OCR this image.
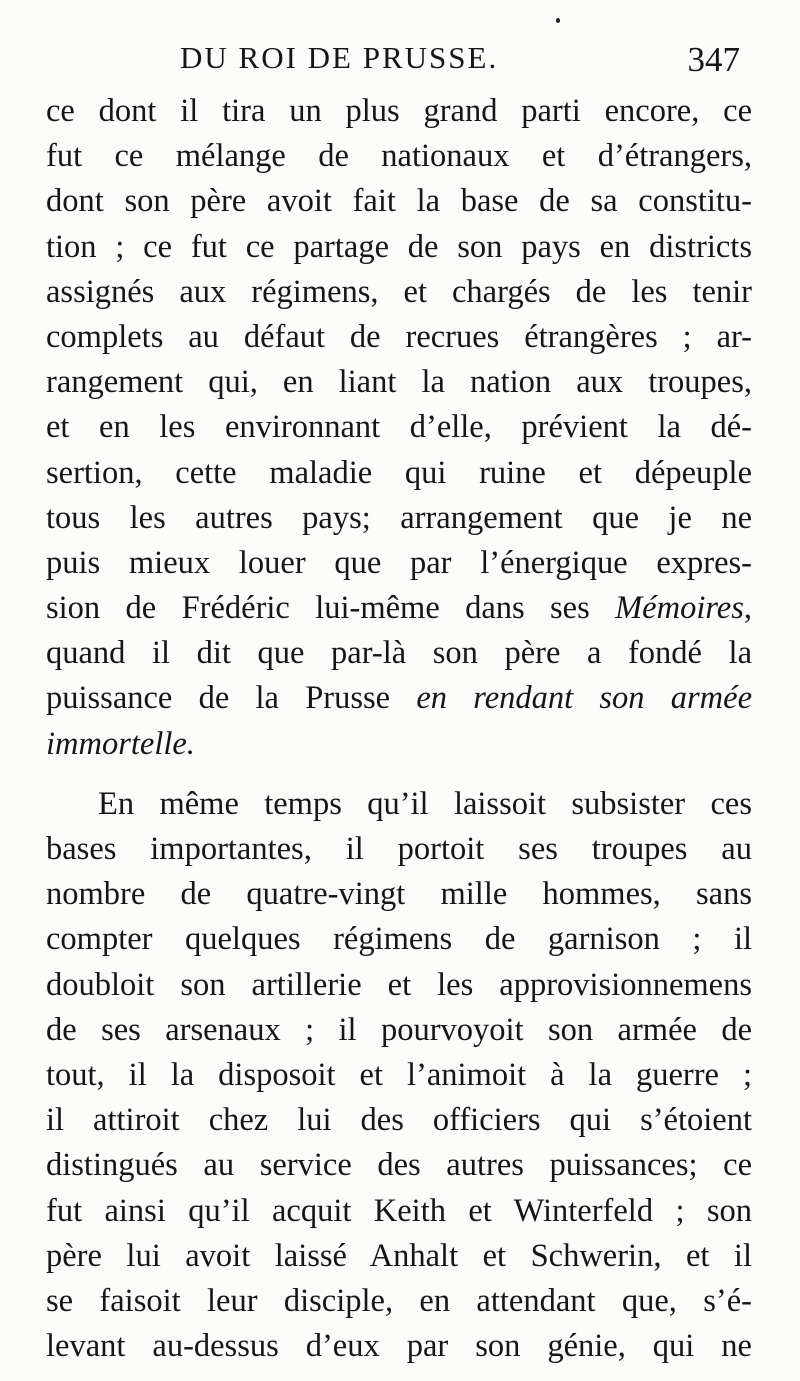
DU ROI DE PRUSSE.	347
ce dont il tira un plus grand parti encore, ce
fut ce mélange de nationaux et d’étrangers,
dont son père avoit fait la base de sa constitu-
tion ; ce fut ce partage de son pays en districts
assignés aux régimens, et chargés de les tenir
complets au défaut de recrues étrangères ; ar-
rangement qui, en liant la nation aux troupes,
et en les environnant d’elle, prévient la dé-
sertion, cette maladie qui ruine et dépeuple
tous les autres pays; arrangement que je ne
puis mieux louer que par l’énergique expres-
sion de Frédéric lui-même dans ses Mémoires,
quand il dit que par-là son père a fondé la
puissance de la Prusse en rendant son armée
immortelle.
En même temps qu’il laissoit subsister ces
bases importantes, il portoit ses troupes au
nombre de quatre-vingt mille hommes, sans
compter quelques régimens de garnison ; il
doubloit son artillerie et les approvisionnemens
de ses arsenaux ; il pourvoyoit son armée de
tout, il la disposoit et l’animoit à la guerre ;
il attiroit chez lui des officiers qui s’étoient
distingués au service des autres puissances; ce
fut ainsi qu’il acquit Keith et Winterfeld ; son
père lui avoit laissé Anhalt et Schwerin, et il
se faisoit leur disciple, en attendant que, s’é-
levant au-dessus d’eux par son génie, qui ne
